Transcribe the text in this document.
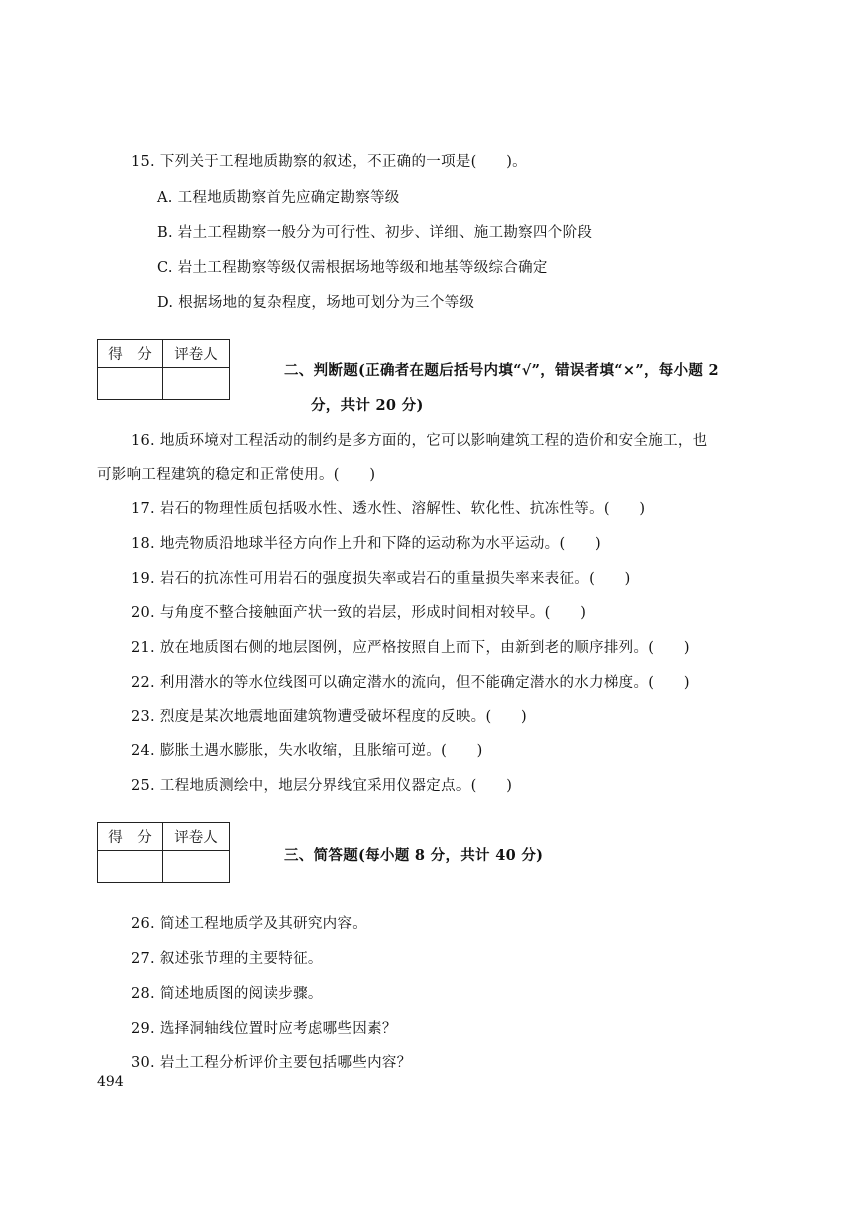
15. 下列关于工程地质勘察的叙述，不正确的一项是(　　)。
A. 工程地质勘察首先应确定勘察等级
B. 岩土工程勘察一般分为可行性、初步、详细、施工勘察四个阶段
C. 岩土工程勘察等级仅需根据场地等级和地基等级综合确定
D. 根据场地的复杂程度，场地可划分为三个等级
得　分	评卷人

二、判断题(正确者在题后括号内填“√”，错误者填“×”，每小题 2
分，共计 20 分)
16. 地质环境对工程活动的制约是多方面的，它可以影响建筑工程的造价和安全施工，也
可影响工程建筑的稳定和正常使用。(　　)
17. 岩石的物理性质包括吸水性、透水性、溶解性、软化性、抗冻性等。(　　)
18. 地壳物质沿地球半径方向作上升和下降的运动称为水平运动。(　　)
19. 岩石的抗冻性可用岩石的强度损失率或岩石的重量损失率来表征。(　　)
20. 与角度不整合接触面产状一致的岩层，形成时间相对较早。(　　)
21. 放在地质图右侧的地层图例，应严格按照自上而下，由新到老的顺序排列。(　　)
22. 利用潜水的等水位线图可以确定潜水的流向，但不能确定潜水的水力梯度。(　　)
23. 烈度是某次地震地面建筑物遭受破坏程度的反映。(　　)
24. 膨胀土遇水膨胀，失水收缩，且胀缩可逆。(　　)
25. 工程地质测绘中，地层分界线宜采用仪器定点。(　　)
得　分	评卷人

三、简答题(每小题 8 分，共计 40 分)
26. 简述工程地质学及其研究内容。
27. 叙述张节理的主要特征。
28. 简述地质图的阅读步骤。
29. 选择洞轴线位置时应考虑哪些因素？
30. 岩土工程分析评价主要包括哪些内容？
494
